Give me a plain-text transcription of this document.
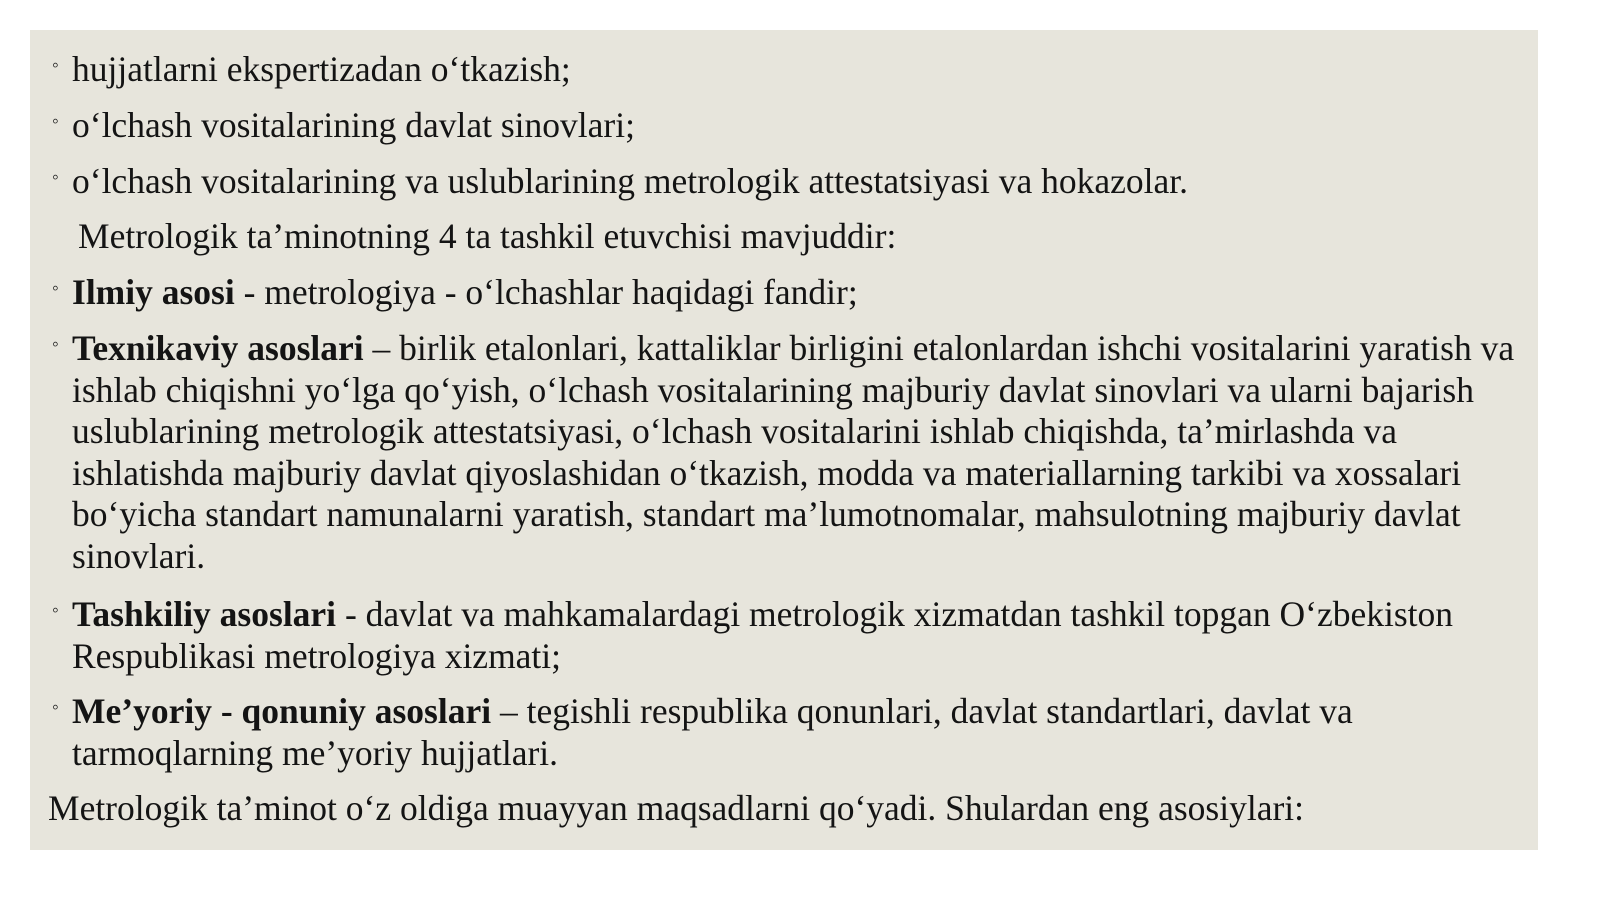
◦ hujjatlarni ekspertizadan o‘tkazish;
◦ o‘lchash vositalarining davlat sinovlari;
◦ o‘lchash vositalarining va uslublarining metrologik attestatsiyasi va hokazolar.
Metrologik ta’minotning 4 ta tashkil etuvchisi mavjuddir:
◦ Ilmiy asosi - metrologiya - o‘lchashlar haqidagi fandir;
◦ Texnikaviy asoslari – birlik etalonlari, kattaliklar birligini etalonlardan ishchi vositalarini yaratish va ishlab chiqishni yo‘lga qo‘yish, o‘lchash vositalarining majburiy davlat sinovlari va ularni bajarish uslublarining metrologik attestatsiyasi, o‘lchash vositalarini ishlab chiqishda, ta’mirlashda va ishlatishda majburiy davlat qiyoslashidan o‘tkazish, modda va materiallarning tarkibi va xossalari bo‘yicha standart namunalarni yaratish, standart ma’lumotnomalar, mahsulotning majburiy davlat sinovlari.
◦ Tashkiliy asoslari - davlat va mahkamalardagi metrologik xizmatdan tashkil topgan O‘zbekiston Respublikasi metrologiya xizmati;
◦ Me’yoriy - qonuniy asoslari – tegishli respublika qonunlari, davlat standartlari, davlat va tarmoqlarning me’yoriy hujjatlari.
Metrologik ta’minot o‘z oldiga muayyan maqsadlarni qo‘yadi. Shulardan eng asosiylari:
